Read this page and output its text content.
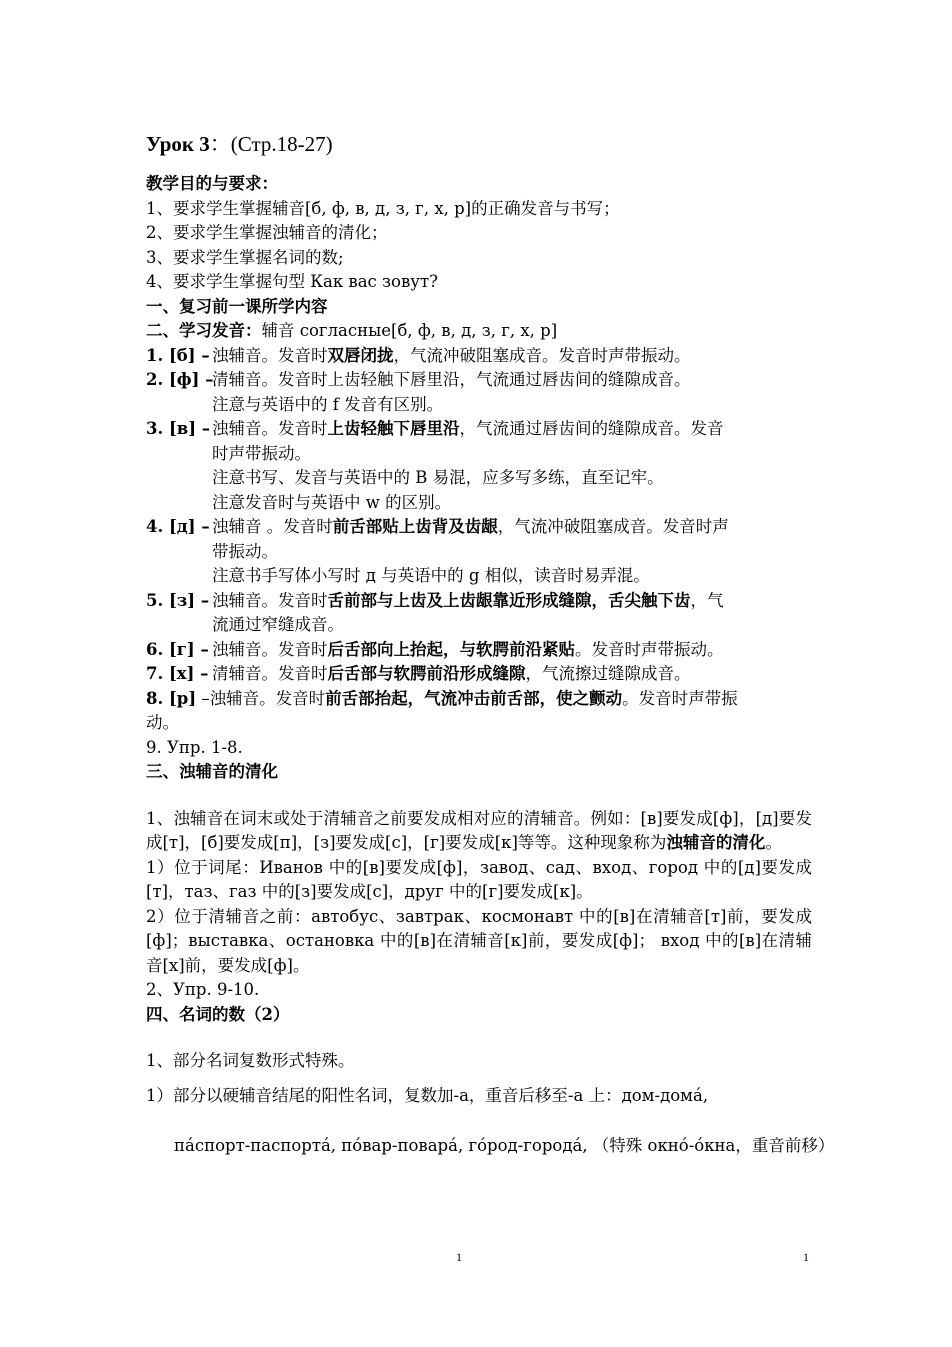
Урок 3：(Стр.18-27)

教学目的与要求：

1、要求学生掌握辅音[б, ф, в, д, з, г, х, р]的正确发音与书写；

2、要求学生掌握浊辅音的清化；

3、要求学生掌握名词的数;

4、要求学生掌握句型 Как вас зовут?

一、复习前一课所学内容

二、学习发音：辅音 согласные[б, ф, в, д, з, г, х, р]

1. [б] – 浊辅音。发音时双唇闭拢，气流冲破阻塞成音。发音时声带振动。

2. [ф] –清辅音。发音时上齿轻触下唇里沿，气流通过唇齿间的缝隙成音。

注意与英语中的 f 发音有区别。

3. [в] – 浊辅音。发音时上齿轻触下唇里沿，气流通过唇齿间的缝隙成音。发音

时声带振动。

注意书写、发音与英语中的 B 易混，应多写多练，直至记牢。

注意发音时与英语中 w 的区别。

4. [д] – 浊辅音 。发音时前舌部贴上齿背及齿龈，气流冲破阻塞成音。发音时声

带振动。

注意书手写体小写时 д 与英语中的 g 相似，读音时易弄混。

5. [з] – 浊辅音。发音时舌前部与上齿及上齿龈靠近形成缝隙，舌尖触下齿，气

流通过窄缝成音。

6. [г] – 浊辅音。发音时后舌部向上抬起，与软腭前沿紧贴。发音时声带振动。

7. [х] – 清辅音。发音时后舌部与软腭前沿形成缝隙，气流擦过缝隙成音。

8. [р] –浊辅音。发音时前舌部抬起，气流冲击前舌部，使之颤动。发音时声带振
动。

9. Упр. 1-8.

三、浊辅音的清化

1、浊辅音在词末或处于清辅音之前要发成相对应的清辅音。例如：[в]要发成[ф]，[д]要发成[т]，[б]要发成[п]，[з]要发成[с]，[г]要发成[к]等等。这种现象称为浊辅音的清化。

1）位于词尾：Иванов 中的[в]要发成[ф]，завод、сад、вход、город 中的[д]要发成[т]，таз、газ 中的[з]要发成[с]，друг 中的[г]要发成[к]。

2）位于清辅音之前：автобус、завтрак、космонавт 中的[в]在清辅音[т]前，要发成[ф]；выставка、остановка 中的[в]在清辅音[к]前，要发成[ф]； вход 中的[в]在清辅音[х]前，要发成[ф]。

2、Упр. 9-10.

四、名词的数（2）

1、部分名词复数形式特殊。

1）部分以硬辅音结尾的阳性名词，复数加-а，重音后移至-а 上：дом-домá,

пáспорт-паспортá, пóвар-поварá, гóрод-городá, （特殊 окнó-óкна，重音前移）

1	1
